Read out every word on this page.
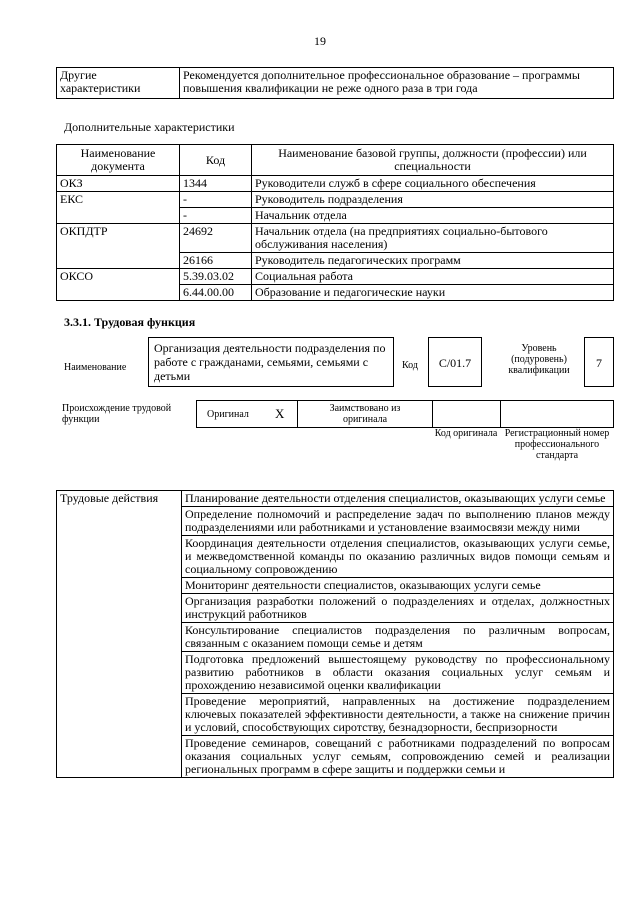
19
Другие характеристики	Рекомендуется дополнительное профессиональное образование – программы повышения квалификации не реже одного раза в три года
Дополнительные характеристики
Наименование документа	Код	Наименование базовой группы, должности (профессии) или специальности
ОКЗ	1344	Руководители служб в сфере социального обеспечения
ЕКС	-	Руководитель подразделения
	-	Начальник отдела
ОКПДТР	24692	Начальник отдела (на предприятиях социально-бытового обслуживания населения)
	26166	Руководитель педагогических программ
ОКСО	5.39.03.02	Социальная работа
	6.44.00.00	Образование и педагогические науки
3.3.1. Трудовая функция
Наименование
Организация деятельности подразделения по работе с гражданами, семьями, семьями с детьми
Код	С/01.7
Уровень (подуровень) квалификации
7
Происхождение трудовой функции	Оригинал Х	Заимствовано из оригинала
Код оригинала Регистрационный номер профессионального стандарта
Трудовые действия	Планирование деятельности отделения специалистов, оказывающих услуги семье
Определение полномочий и распределение задач по выполнению планов между подразделениями или работниками и установление взаимосвязи между ними
Координация деятельности отделения специалистов, оказывающих услуги семье, и межведомственной команды по оказанию различных видов помощи семьям и социальному сопровождению
Мониторинг деятельности специалистов, оказывающих услуги семье
Организация разработки положений о подразделениях и отделах, должностных инструкций работников
Консультирование специалистов подразделения по различным вопросам, связанным с оказанием помощи семье и детям
Подготовка предложений вышестоящему руководству по профессиональному развитию работников в области оказания социальных услуг семьям и прохождению независимой оценки квалификации
Проведение мероприятий, направленных на достижение подразделением ключевых показателей эффективности деятельности, а также на снижение причин и условий, способствующих сиротству, безнадзорности, беспризорности
Проведение семинаров, совещаний с работниками подразделений по вопросам оказания социальных услуг семьям, сопровождению семей и реализации региональных программ в сфере защиты и поддержки семьи и
